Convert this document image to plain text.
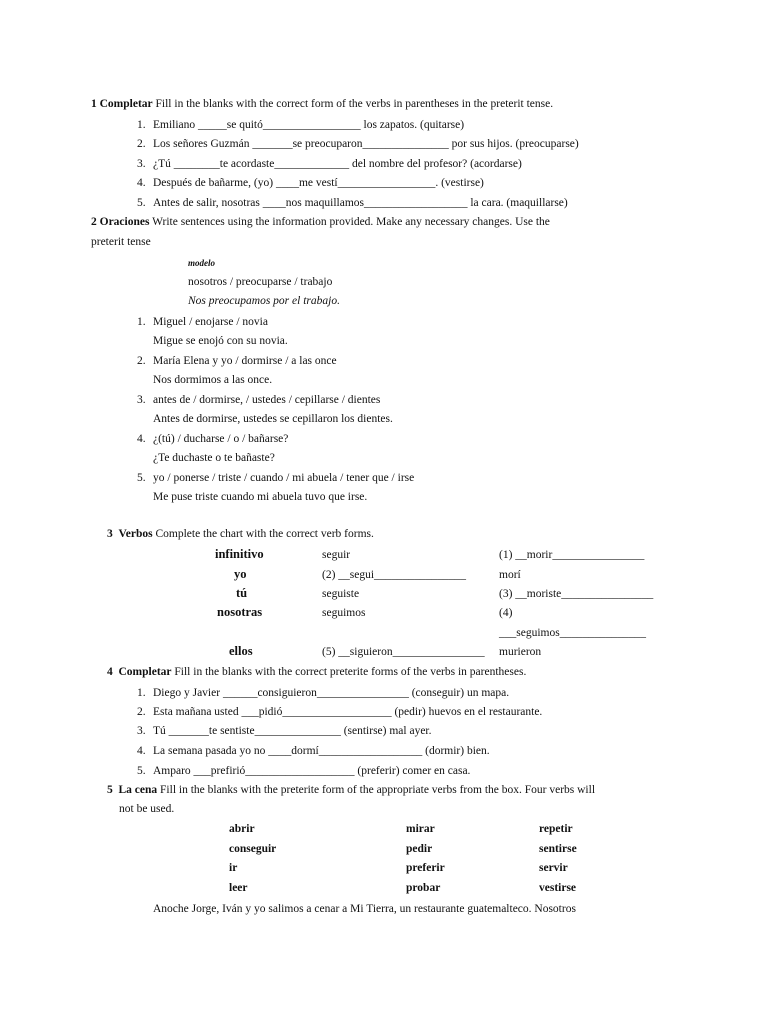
1 Completar Fill in the blanks with the correct form of the verbs in parentheses in the preterit tense.
1. Emiliano _____se quitó_________________ los zapatos. (quitarse)
2. Los señores Guzmán _______se preocuparon_______________ por sus hijos. (preocuparse)
3. ¿Tú ________te acordaste_____________ del nombre del profesor? (acordarse)
4. Después de bañarme, (yo) ____me vestí_________________. (vestirse)
5. Antes de salir, nosotras ____nos maquillamos__________________ la cara. (maquillarse)
2 Oraciones Write sentences using the information provided. Make any necessary changes. Use the
preterit tense
modelo
nosotros / preocuparse / trabajo
Nos preocupamos por el trabajo.
1. Miguel / enojarse / novia
Migue se enojó con su novia.
2. María Elena y yo / dormirse / a las once
Nos dormimos a las once.
3. antes de / dormirse, / ustedes / cepillarse / dientes
Antes de dormirse, ustedes se cepillaron los dientes.
4. ¿(tú) / ducharse / o / bañarse?
¿Te duchaste o te bañaste?
5. yo / ponerse / triste / cuando / mi abuela / tener que / irse
Me puse triste cuando mi abuela tuvo que irse.
3 Verbos Complete the chart with the correct verb forms.
infinitivo	seguir	(1) __morir________________
yo	(2) __segui________________	morí
tú	seguiste	(3) __moriste________________
nosotras	seguimos	(4)
___seguimos_______________
ellos	(5) __siguieron________________ murieron
4 Completar Fill in the blanks with the correct preterite forms of the verbs in parentheses.
1. Diego y Javier ______consiguieron________________ (conseguir) un mapa.
2. Esta mañana usted ___pidió___________________ (pedir) huevos en el restaurante.
3. Tú _______te sentiste_______________ (sentirse) mal ayer.
4. La semana pasada yo no ____dormí__________________ (dormir) bien.
5. Amparo ___prefirió___________________ (preferir) comer en casa.
5 La cena Fill in the blanks with the preterite form of the appropriate verbs from the box. Four verbs will
not be used.
abrir	mirar	repetir
conseguir	pedir	sentirse
ir	preferir	servir
leer	probar	vestirse
Anoche Jorge, Iván y yo salimos a cenar a Mi Tierra, un restaurante guatemalteco. Nosotros
